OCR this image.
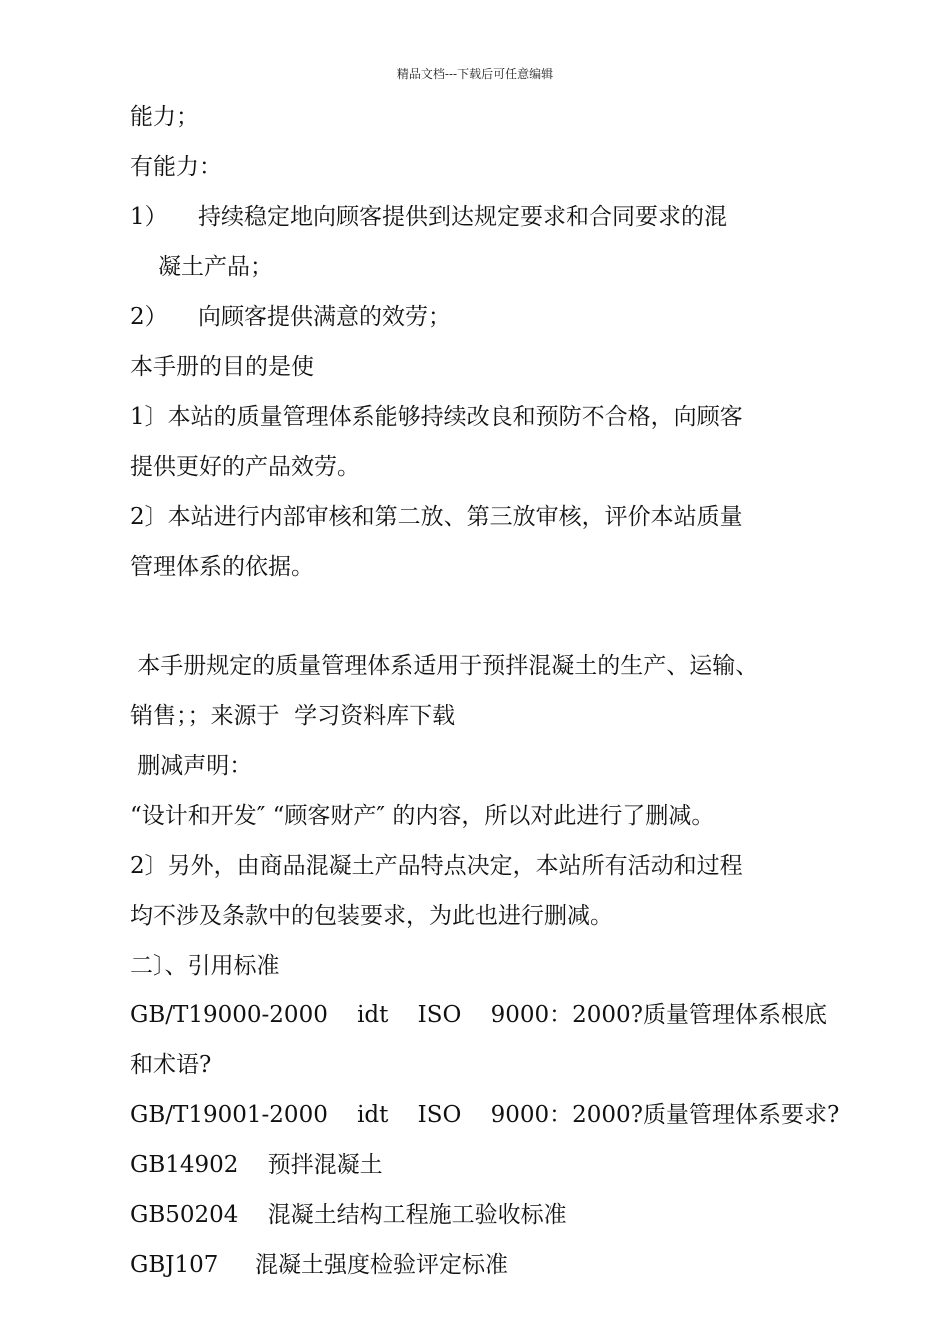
精品文档---下载后可任意编辑
能力；
有能力：
1） 持续稳定地向顾客提供到达规定要求和合同要求的混
凝土产品；
2） 向顾客提供满意的效劳；
本手册的目的是使
1〕本站的质量管理体系能够持续改良和预防不合格，向顾客
提供更好的产品效劳。
2〕本站进行内部审核和第二放、第三放审核，评价本站质量
管理体系的依据。
本手册规定的质量管理体系适用于预拌混凝土的生产、运输、
销售；；来源于  学习资料库下载
删减声明：
“设计和开发″ “顾客财产″ 的内容，所以对此进行了删减。
2〕另外，由商品混凝土产品特点决定，本站所有活动和过程
均不涉及条款中的包装要求，为此也进行删减。
二〕、引用标准
GB/T19000-2000    idt    ISO    9000：2000?质量管理体系根底
和术语?
GB/T19001-2000    idt    ISO    9000：2000?质量管理体系要求?
GB14902    预拌混凝土
GB50204    混凝土结构工程施工验收标准
GBJ107     混凝土强度检验评定标准
